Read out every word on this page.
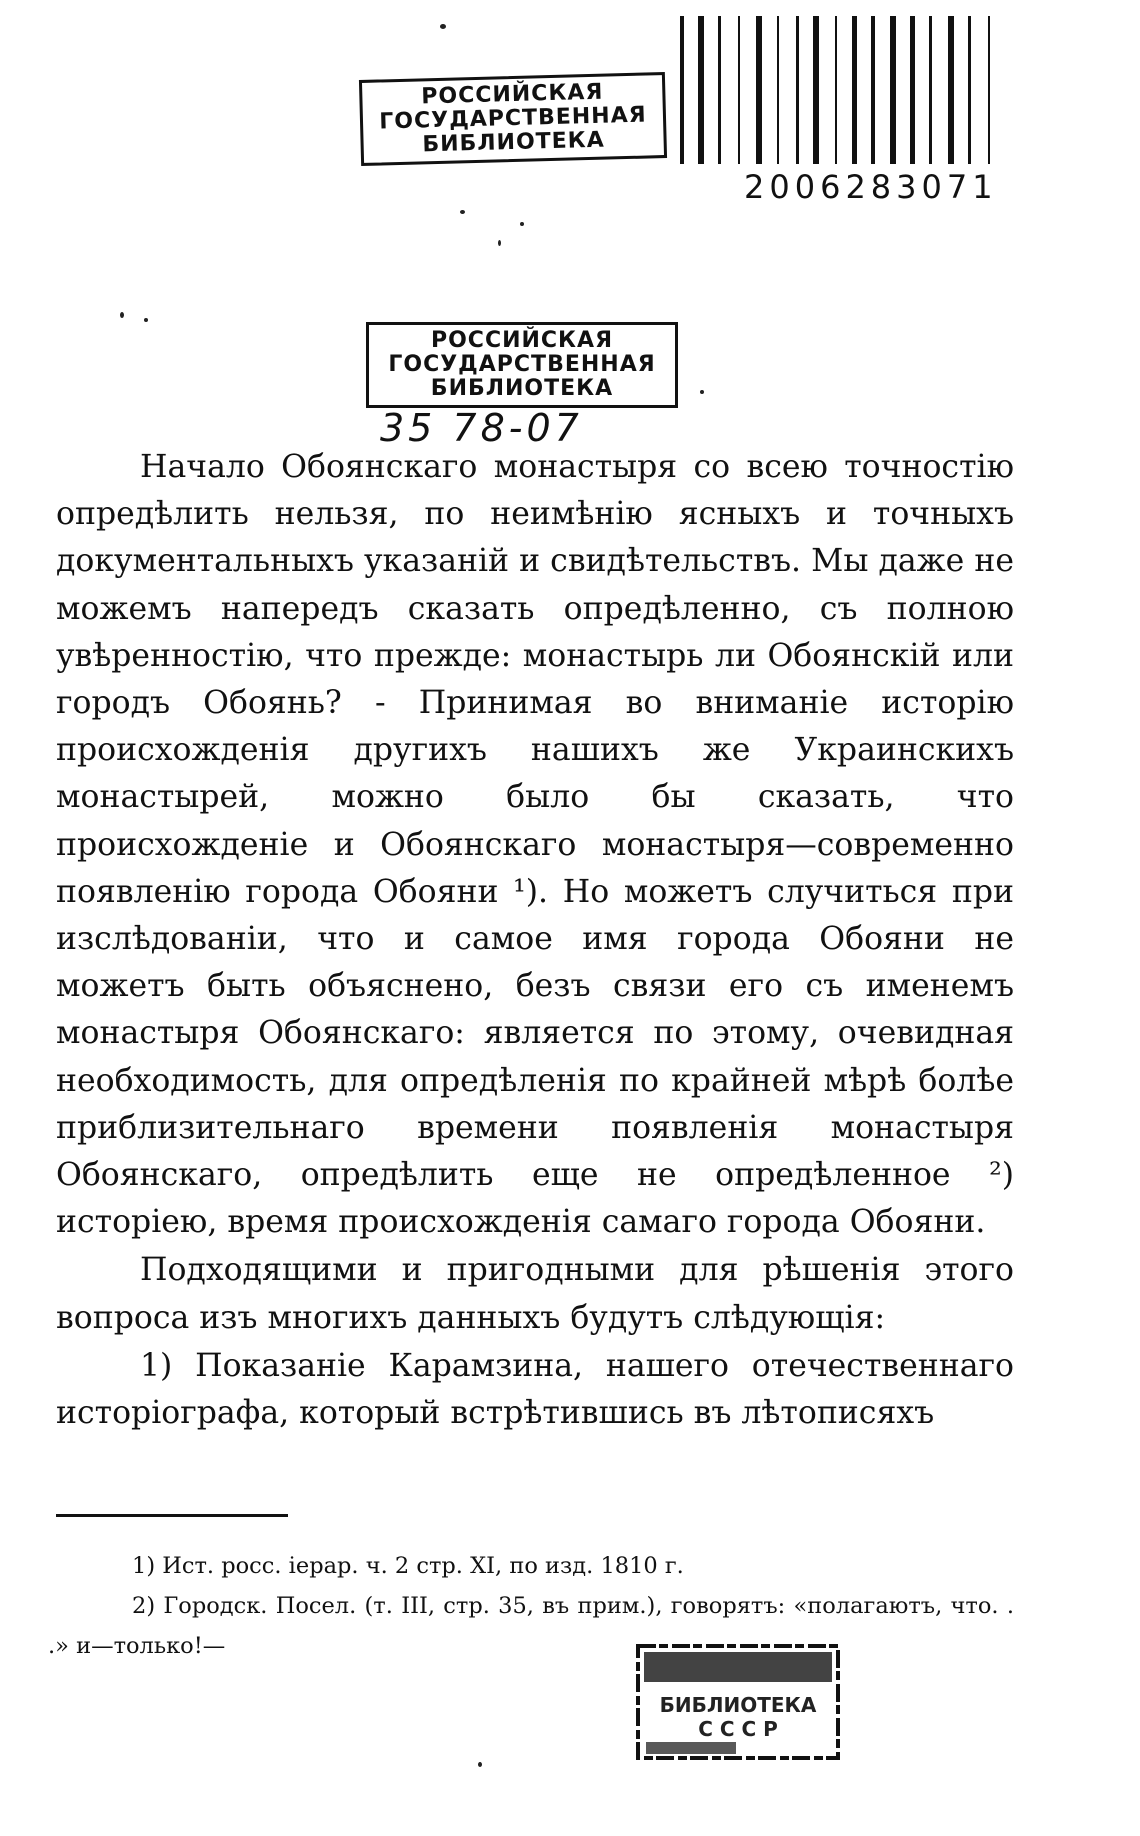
РОССИЙСКАЯ
ГОСУДАРСТВЕННАЯ
БИБЛИОТЕКА
2006283071
РОССИЙСКАЯ
ГОСУДАРСТВЕННАЯ
БИБЛИОТЕКА
35 78-07

Начало Обоянскаго монастыря со всею точностію опредѣлить нельзя, по неимѣнію ясныхъ и точныхъ документальныхъ указаній и свидѣтельствъ. Мы даже не можемъ напередъ сказать опредѣленно, съ полною увѣренностію, что прежде: монастырь ли Обоянскій или городъ Обоянь? - Принимая во вниманіе исторію происхожденія другихъ нашихъ же Украинскихъ монастырей, можно было бы сказать, что происхожденіе и Обоянскаго монастыря—современно появленію города Обояни ¹). Но можетъ случиться при изслѣдованіи, что и самое имя города Обояни не можетъ быть объяснено, безъ связи его съ именемъ монастыря Обоянскаго: является по этому, очевидная необходимость, для опредѣленія по крайней мѣрѣ болѣе приблизительнаго времени появленія монастыря Обоянскаго, опредѣлить еще не опредѣленное ²) исторіею, время происхожденія самаго города Обояни.

Подходящими и пригодными для рѣшенія этого вопроса изъ многихъ данныхъ будутъ слѣдующія:

1) Показаніе Карамзина, нашего отечественнаго исторіографа, который встрѣтившись въ лѣтописяхъ

1) Ист. росс. іерар. ч. 2 стр. XI, по изд. 1810 г.

2) Городск. Посел. (т. III, стр. 35, въ прим.), говорятъ: «полагаютъ, что. . .» и—только!—

БИБЛИОТЕКА
С С С Р
